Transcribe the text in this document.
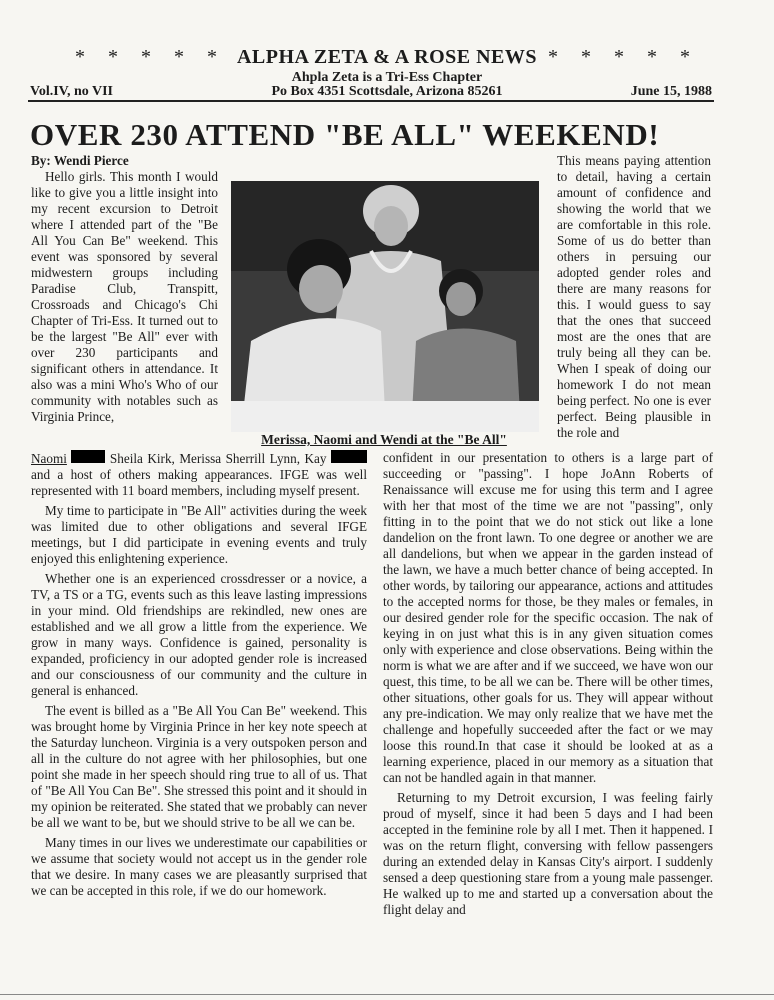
* * * * * ALPHA ZETA & A ROSE NEWS * * * * *
Ahpla Zeta is a Tri-Ess Chapter
Vol.IV, no VII	Po Box 4351 Scottsdale, Arizona 85261	June 15, 1988
OVER 230 ATTEND "BE ALL" WEEKEND!
Merissa, Naomi and Wendi at the "Be All"

By: Wendi Pierce

Hello girls. This month I would like to give you a little insight into my recent excursion to Detroit where I attended part of the "Be All You Can Be" weekend. This event was sponsored by several midwestern groups including Paradise Club, Transpitt, Crossroads and Chicago's Chi Chapter of Tri-Ess. It turned out to be the largest "Be All" ever with over 230 participants and significant others in attendance. It also was a mini Who's Who of our community with notables such as Virginia Prince,

Naomi	Sheila Kirk, Merissa Sherrill Lynn, Kay  and a host of others making appearances. IFGE was well represented with 11 board members, including myself present.

My time to participate in "Be All" activities during the week was limited due to other obligations and several IFGE meetings, but I did participate in evening events and truly enjoyed this enlightening experience.

Whether one is an experienced crossdresser or a novice, a TV, a TS or a TG, events such as this leave lasting impressions in your mind. Old friendships are rekindled, new ones are established and we all grow a little from the experience. We grow in many ways. Confidence is gained, personality is expanded, proficiency in our adopted gender role is increased and our consciousness of our community and the culture in general is enhanced.

The event is billed as a "Be All You Can Be" weekend. This was brought home by Virginia Prince in her key note speech at the Saturday luncheon. Virginia is a very outspoken person and all in the culture do not agree with her philosophies, but one point she made in her speech should ring true to all of us. That of "Be All You Can Be". She stressed this point and it should in my opinion be reiterated. She stated that we probably can never be all we want to be, but we should strive to be all we can be.

Many times in our lives we underestimate our capabilities or we assume that society would not accept us in the gender role that we desire. In many cases we are pleasantly surprised that we can be accepted in this role, if we do our homework.

This means paying attention to detail, having a certain amount of confidence and showing the world that we are comfortable in this role. Some of us do better than others in persuing our adopted gender roles and there are many reasons for this. I would guess to say that the ones that succeed most are the ones that are truly being all they can be. When I speak of doing our homework I do not mean being perfect. No one is ever perfect. Being plausible in the role and

confident in our presentation to others is a large part of succeeding or "passing". I hope JoAnn Roberts of Renaissance will excuse me for using this term and I agree with her that most of the time we are not "passing", only fitting in to the point that we do not stick out like a lone dandelion on the front lawn. To one degree or another we are all dandelions, but when we appear in the garden instead of the lawn, we have a much better chance of being accepted. In other words, by tailoring our appearance, actions and attitudes to the accepted norms for those, be they males or females, in our desired gender role for the specific occasion. The nak of keying in on just what this is in any given situation comes only with experience and close observations. Being within the norm is what we are after and if we succeed, we have won our quest, this time, to be all we can be. There will be other times, other situations, other goals for us. They will appear without any pre-indication. We may only realize that we have met the challenge and hopefully succeeded after the fact or we may loose this round.In that case it should be looked at as a learning experience, placed in our memory as a situation that can not be handled again in that manner.

Returning to my Detroit excursion, I was feeling fairly proud of myself, since it had been 5 days and I had been accepted in the feminine role by all I met. Then it happened. I was on the return flight, conversing with fellow passengers during an extended delay in Kansas City's airport. I suddenly sensed a deep questioning stare from a young male passenger. He walked up to me and started up a conversation about the flight delay and
